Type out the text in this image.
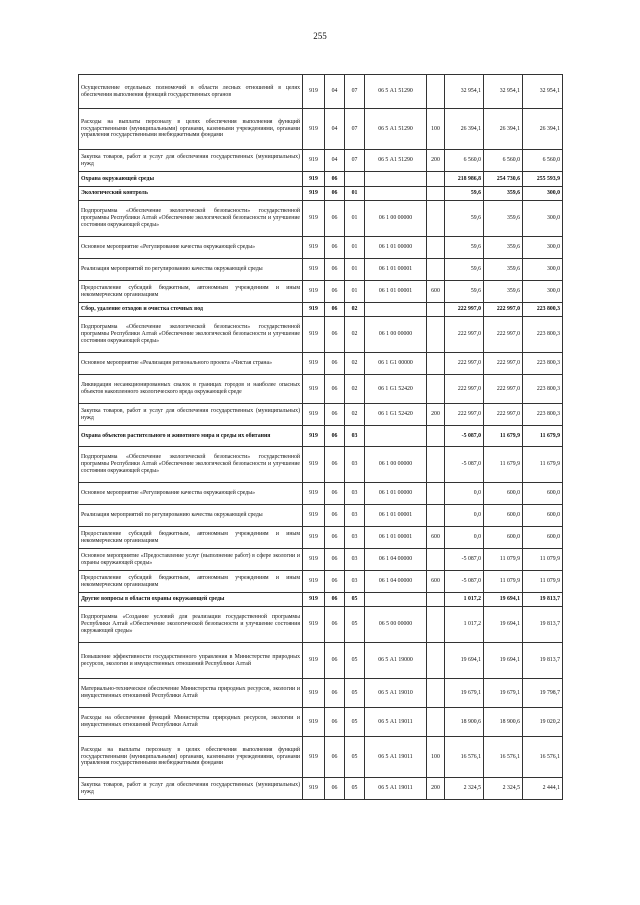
255
Осуществление отдельных полномочий в области лесных отношений в целях обеспечения выполнения функций государственных органов	919	04	07	06 5 А1 51290		32 954,1	32 954,1	32 954,1
Расходы на выплаты персоналу в целях обеспечения выполнения функций государственными (муниципальными) органами, казенными учреждениями, органами управления государственными внебюджетными фондами	919	04	07	06 5 А1 51290	100	26 394,1	26 394,1	26 394,1
Закупка товаров, работ и услуг для обеспечения государственных (муниципальных) нужд	919	04	07	06 5 А1 51290	200	6 560,0	6 560,0	6 560,0
Охрана окружающей среды	919	06				218 986,8	254 730,6	255 593,9
Экологический контроль	919	06	01			59,6	359,6	300,0
Подпрограмма «Обеспечение экологической безопасности» государственной программы Республики Алтай «Обеспечение экологической безопасности и улучшение состояния окружающей среды»	919	06	01	06 1 00 00000		59,6	359,6	300,0
Основное мероприятие «Регулирование качества окружающей среды»	919	06	01	06 1 01 00000		59,6	359,6	300,0
Реализация мероприятий по регулированию качества окружающей среды	919	06	01	06 1 01 00001		59,6	359,6	300,0
Предоставление субсидий бюджетным, автономным учреждениям и иным некоммерческим организациям	919	06	01	06 1 01 00001	600	59,6	359,6	300,0
Сбор, удаление отходов и очистка сточных вод	919	06	02			222 997,0	222 997,0	223 800,3
Подпрограмма «Обеспечение экологической безопасности» государственной программы Республики Алтай «Обеспечение экологической безопасности и улучшение состояния окружающей среды»	919	06	02	06 1 00 00000		222 997,0	222 997,0	223 800,3
Основное мероприятие «Реализация регионального проекта «Чистая страна»	919	06	02	06 1 G1 00000		222 997,0	222 997,0	223 800,3
Ликвидация несанкционированных свалок в границах городов и наиболее опасных объектов накопленного экологического вреда окружающей среде	919	06	02	06 1 G1 52420		222 997,0	222 997,0	223 800,3
Закупка товаров, работ и услуг для обеспечения государственных (муниципальных) нужд	919	06	02	06 1 G1 52420	200	222 997,0	222 997,0	223 800,3
Охрана объектов растительного и животного мира и среды их обитания	919	06	03			-5 087,0	11 679,9	11 679,9
Подпрограмма «Обеспечение экологической безопасности» государственной программы Республики Алтай «Обеспечение экологической безопасности и улучшение состояния окружающей среды»	919	06	03	06 1 00 00000		-5 087,0	11 679,9	11 679,9
Основное мероприятие «Регулирование качества окружающей среды»	919	06	03	06 1 01 00000		0,0	600,0	600,0
Реализация мероприятий по регулированию качества окружающей среды	919	06	03	06 1 01 00001		0,0	600,0	600,0
Предоставление субсидий бюджетным, автономным учреждениям и иным некоммерческим организациям	919	06	03	06 1 01 00001	600	0,0	600,0	600,0
Основное мероприятие «Предоставление услуг (выполнение работ) в сфере экологии и охраны окружающей среды»	919	06	03	06 1 04 00000		-5 087,0	11 079,9	11 079,9
Предоставление субсидий бюджетным, автономным учреждениям и иным некоммерческим организациям	919	06	03	06 1 04 00000	600	-5 087,0	11 079,9	11 079,9
Другие вопросы в области охраны окружающей среды	919	06	05			1 017,2	19 694,1	19 813,7
Подпрограмма «Создание условий для реализации государственной программы Республики Алтай «Обеспечение экологической безопасности и улучшение состояния окружающей среды»	919	06	05	06 5 00 00000		1 017,2	19 694,1	19 813,7
Повышение эффективности государственного управления в Министерстве природных ресурсов, экологии и имущественных отношений Республики Алтай	919	06	05	06 5 А1 19000		19 694,1	19 694,1	19 813,7
Материально-техническое обеспечение Министерства природных ресурсов, экологии и имущественных отношений Республики Алтай	919	06	05	06 5 А1 19010		19 679,1	19 679,1	19 798,7
Расходы на обеспечение функций Министерства природных ресурсов, экологии и имущественных отношений Республики Алтай	919	06	05	06 5 А1 19011		18 900,6	18 900,6	19 020,2
Расходы на выплаты персоналу в целях обеспечения выполнения функций государственными (муниципальными) органами, казенными учреждениями, органами управления государственными внебюджетными фондами	919	06	05	06 5 А1 19011	100	16 576,1	16 576,1	16 576,1
Закупка товаров, работ и услуг для обеспечения государственных (муниципальных) нужд	919	06	05	06 5 А1 19011	200	2 324,5	2 324,5	2 444,1
